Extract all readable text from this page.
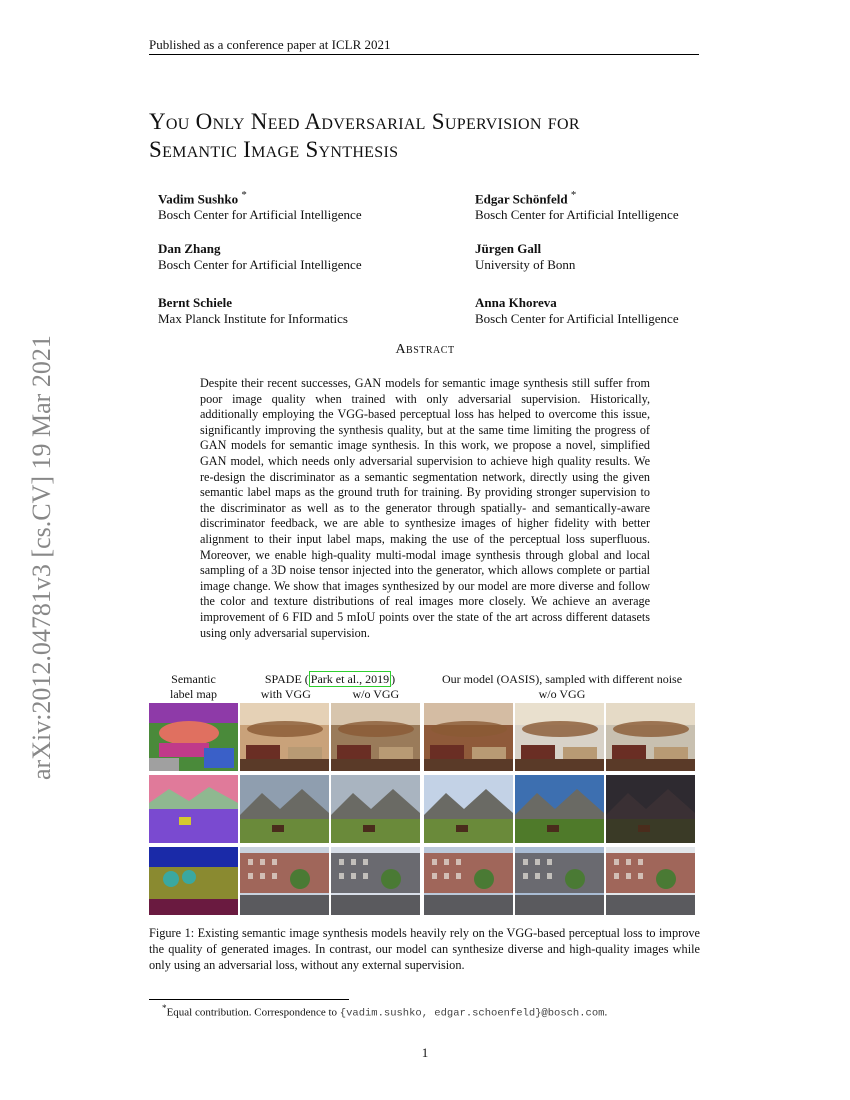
Published as a conference paper at ICLR 2021
arXiv:2012.04781v3 [cs.CV] 19 Mar 2021
You Only Need Adversarial Supervision for
Semantic Image Synthesis
Vadim Sushko *
Bosch Center for Artificial Intelligence
Edgar Schönfeld *
Bosch Center for Artificial Intelligence
Dan Zhang
Bosch Center for Artificial Intelligence
Jürgen Gall
University of Bonn
Bernt Schiele
Max Planck Institute for Informatics
Anna Khoreva
Bosch Center for Artificial Intelligence
Abstract

Despite their recent successes, GAN models for semantic image synthesis still suffer from poor image quality when trained with only adversarial supervision. Historically, additionally employing the VGG-based perceptual loss has helped to overcome this issue, significantly improving the synthesis quality, but at the same time limiting the progress of GAN models for semantic image synthesis. In this work, we propose a novel, simplified GAN model, which needs only adversarial supervision to achieve high quality results. We re-design the discriminator as a semantic segmentation network, directly using the given semantic label maps as the ground truth for training. By providing stronger supervision to the discriminator as well as to the generator through spatially- and semantically-aware discriminator feedback, we are able to synthesize images of higher fidelity with better alignment to their input label maps, making the use of the perceptual loss superfluous. Moreover, we enable high-quality multi-modal image synthesis through global and local sampling of a 3D noise tensor injected into the generator, which allows complete or partial image change. We show that images synthesized by our model are more diverse and follow the color and texture distributions of real images more closely. We achieve an average improvement of 6 FID and 5 mIoU points over the state of the art across different datasets using only adversarial supervision.

Semantic
label map
SPADE ( Park et al., 2019 )
with VGG	w/o VGG
Our model (OASIS), sampled with different noise
w/o VGG
Figure 1: Existing semantic image synthesis models heavily rely on the VGG-based perceptual loss to improve the quality of generated images. In contrast, our model can synthesize diverse and high-quality images while only using an adversarial loss, without any external supervision.
*Equal contribution. Correspondence to {vadim.sushko, edgar.schoenfeld}@bosch.com.
1
